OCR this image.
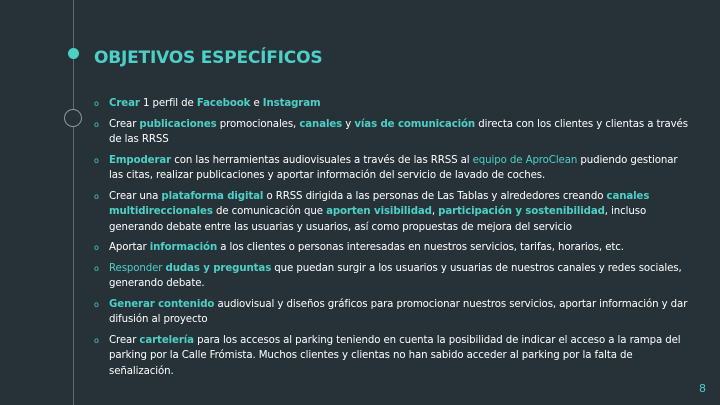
OBJETIVOS ESPECÍFICOS
o Crear 1 perfil de Facebook e Instagram
o Crear publicaciones promocionales, canales y vías de comunicación directa con los clientes y clientas a través de las RRSS
o Empoderar con las herramientas audiovisuales a través de las RRSS al equipo de AproClean pudiendo gestionar las citas, realizar publicaciones y aportar información del servicio de lavado de coches.
o Crear una plataforma digital o RRSS dirigida a las personas de Las Tablas y alrededores creando canales multidireccionales de comunicación que aporten visibilidad, participación y sostenibilidad, incluso generando debate entre las usuarias y usuarios, así como propuestas de mejora del servicio
o Aportar información a los clientes o personas interesadas en nuestros servicios, tarifas, horarios, etc.
o Responder dudas y preguntas que puedan surgir a los usuarios y usuarias de nuestros canales y redes sociales, generando debate.
o Generar contenido audiovisual y diseños gráficos para promocionar nuestros servicios, aportar información y dar difusión al proyecto
o Crear cartelería para los accesos al parking teniendo en cuenta la posibilidad de indicar el acceso a la rampa del parking por la Calle Frómista. Muchos clientes y clientas no han sabido acceder al parking por la falta de señalización.
8
